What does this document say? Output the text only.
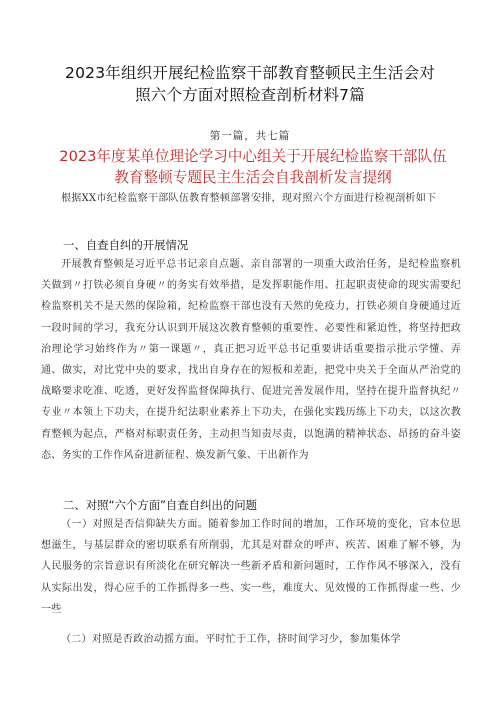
2023年组织开展纪检监察干部教育整顿民主生活会对
照六个方面对照检查剖析材料7篇
第一篇，共七篇
2023年度某单位理论学习中心组关于开展纪检监察干部队伍教育整顿专题民主生活会自我剖析发言提纲

根据XX市纪检监察干部队伍教育整顿部署安排，现对照六个方面进行检视剖析如下

一、自查自纠的开展情况

开展教育整顿是习近平总书记亲自点题、亲自部署的一项重大政治任务，是纪检监察机关做到〃打铁必须自身硬〃的务实有效举措，是发挥职能作用、扛起职责使命的现实需要纪检监察机关不是天然的保险箱，纪检监察干部也没有天然的免疫力，打铁必须自身硬通过近一段时间的学习，我充分认识到开展这次教育整顿的重要性、必要性和紧迫性，将坚持把政治理论学习始终作为〃第一课题〃，真正把习近平总书记重要讲话重要指示批示学懂、弄通、做实，对比党中央的要求，找出自身存在的短板和差距，把党中央关于全面从严治党的战略要求吃准、吃透，更好发挥监督保障执行、促进完善发展作用，坚持在提升监督执纪〃专业〃本领上下功夫，在提升纪法职业素养上下功夫，在强化实践历练上下功夫，以这次教育整顿为起点，严格对标职责任务，主动担当知责尽责，以饱满的精神状态、昂扬的奋斗姿态、务实的工作作风奋进新征程、焕发新气象、干出新作为

二、对照“六个方面”自查自纠出的问题

（一）对照是否信仰缺失方面。随着参加工作时间的增加，工作环境的变化，官本位思想滋生，与基层群众的密切联系有所削弱，尤其是对群众的呼声、疾苦、困难了解不够，为人民服务的宗旨意识有所淡化在研究解决一些新矛盾和新问题时，工作作风不够深入，没有从实际出发，得心应手的工作抓得多一些、实一些，难度大、见效慢的工作抓得虚一些、少一些

（二）对照是否政治动摇方面。平时忙于工作，挤时间学习少，参加集体学
